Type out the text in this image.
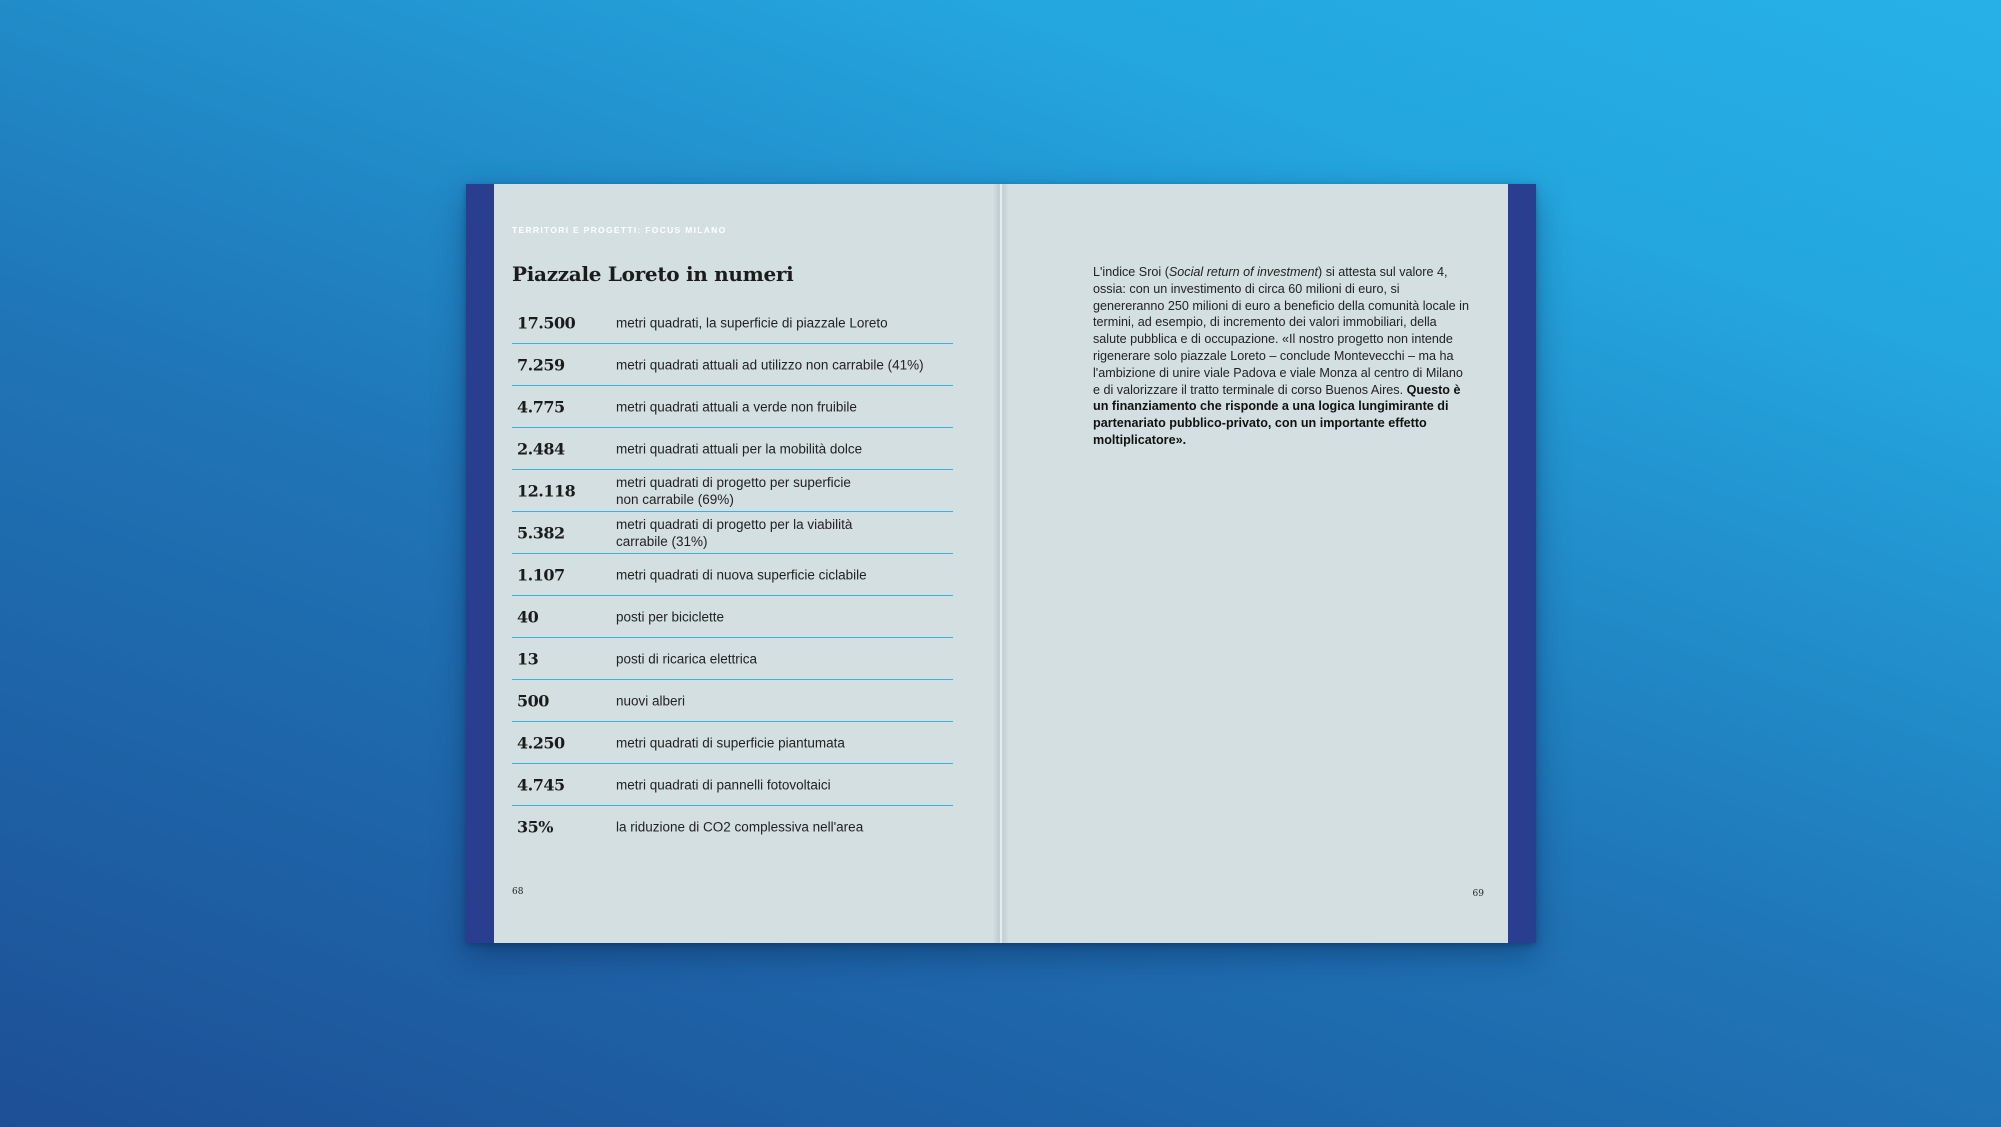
TERRITORI E PROGETTI: FOCUS MILANO
Piazzale Loreto in numeri
17.500	metri quadrati, la superficie di piazzale Loreto
7.259	metri quadrati attuali ad utilizzo non carrabile (41%)
4.775	metri quadrati attuali a verde non fruibile
2.484	metri quadrati attuali per la mobilità dolce
12.118	metri quadrati di progetto per superficie
non carrabile (69%)
5.382	metri quadrati di progetto per la viabilità
carrabile (31%)
1.107	metri quadrati di nuova superficie ciclabile
40	posti per biciclette
13	posti di ricarica elettrica
500	nuovi alberi
4.250	metri quadrati di superficie piantumata
4.745	metri quadrati di pannelli fotovoltaici
35%	la riduzione di CO2 complessiva nell'area
68	69

L'indice Sroi (Social return of investment) si attesta sul valore 4, ossia: con un investimento di circa 60 milioni di euro, si genereranno 250 milioni di euro a beneficio della comunità locale in termini, ad esempio, di incremento dei valori immobiliari, della salute pubblica e di occupazione. «Il nostro progetto non intende rigenerare solo piazzale Loreto – conclude Montevecchi – ma ha l'ambizione di unire viale Padova e viale Monza al centro di Milano e di valorizzare il tratto terminale di corso Buenos Aires. Questo è un finanziamento che risponde a una logica lungimirante di partenariato pubblico-privato, con un importante effetto moltiplicatore».
